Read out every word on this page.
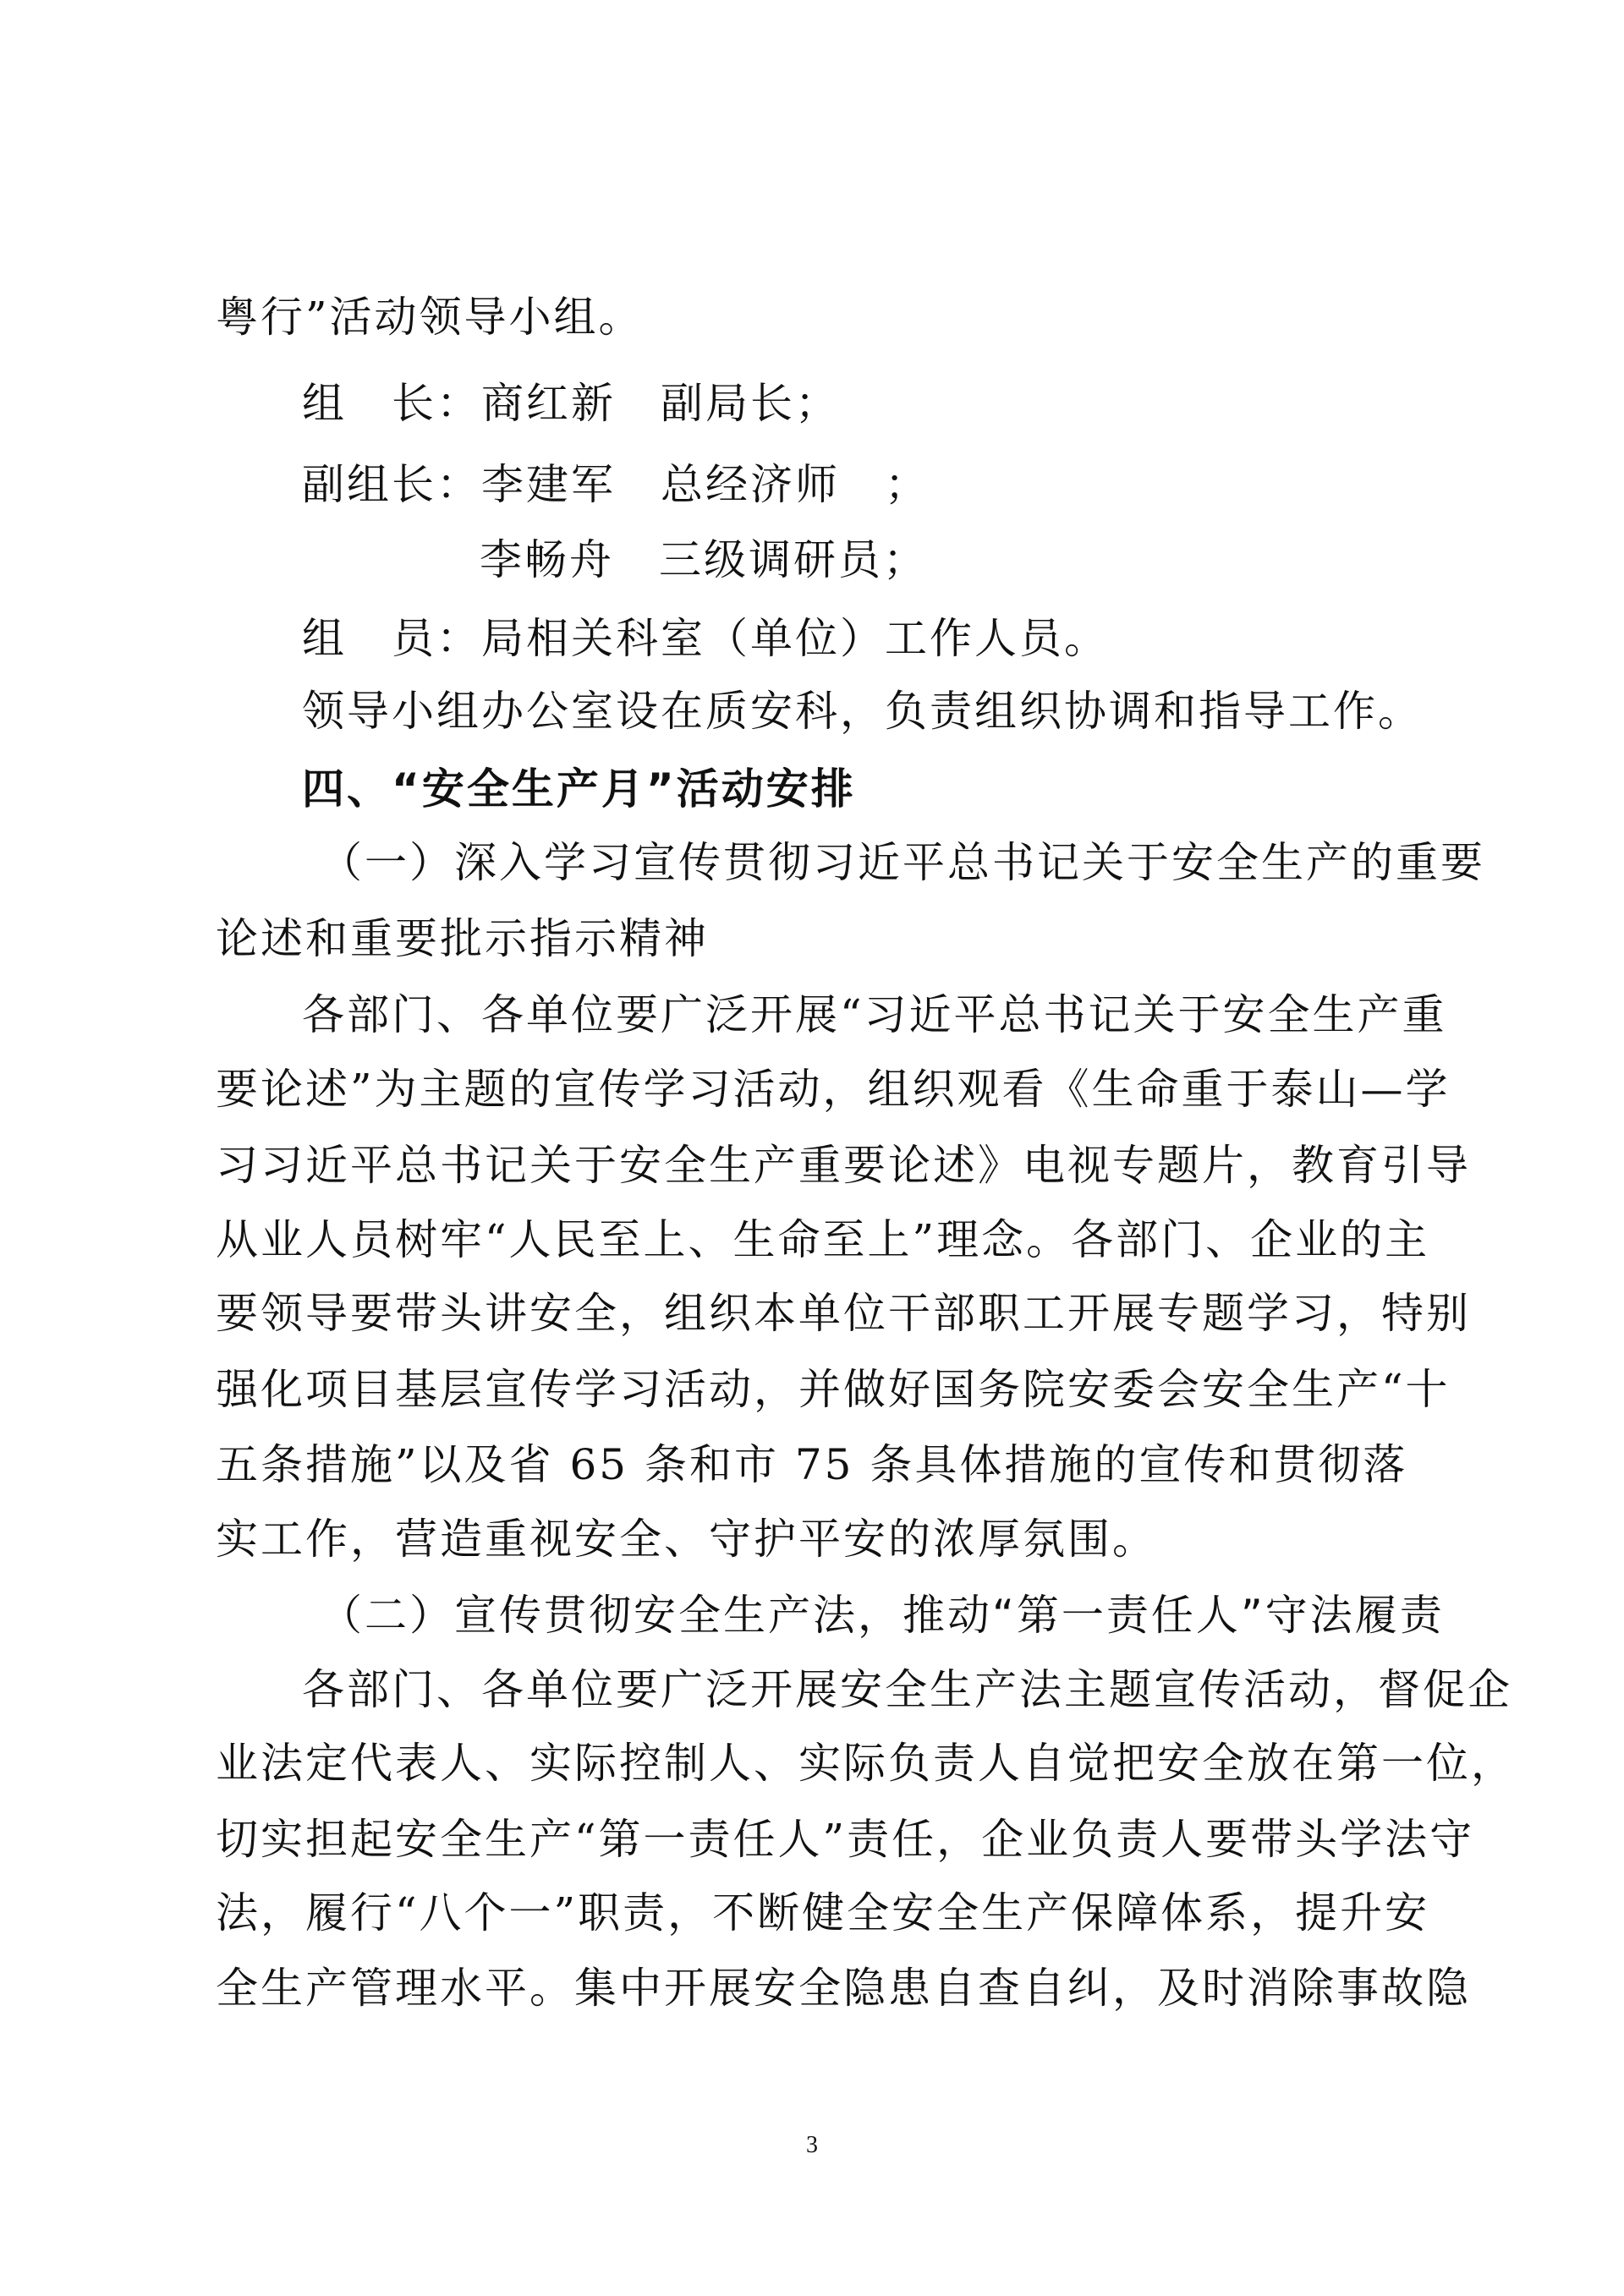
粤行”活动领导小组。
组　长：商红新　副局长；
副组长：李建军　总经济师　；
李畅舟　三级调研员；
组　员：局相关科室（单位）工作人员。
领导小组办公室设在质安科，负责组织协调和指导工作。
四、“安全生产月”活动安排
（一）深入学习宣传贯彻习近平总书记关于安全生产的重要
论述和重要批示指示精神
各部门、各单位要广泛开展“习近平总书记关于安全生产重
要论述”为主题的宣传学习活动，组织观看《生命重于泰山—学
习习近平总书记关于安全生产重要论述》电视专题片，教育引导
从业人员树牢“人民至上、生命至上”理念。各部门、企业的主
要领导要带头讲安全，组织本单位干部职工开展专题学习，特别
强化项目基层宣传学习活动，并做好国务院安委会安全生产“十
五条措施”以及省 65 条和市 75 条具体措施的宣传和贯彻落
实工作，营造重视安全、守护平安的浓厚氛围。
（二）宣传贯彻安全生产法，推动“第一责任人”守法履责
各部门、各单位要广泛开展安全生产法主题宣传活动，督促企
业法定代表人、实际控制人、实际负责人自觉把安全放在第一位，
切实担起安全生产“第一责任人”责任，企业负责人要带头学法守
法，履行“八个一”职责，不断健全安全生产保障体系，提升安
全生产管理水平。集中开展安全隐患自查自纠，及时消除事故隐
3
